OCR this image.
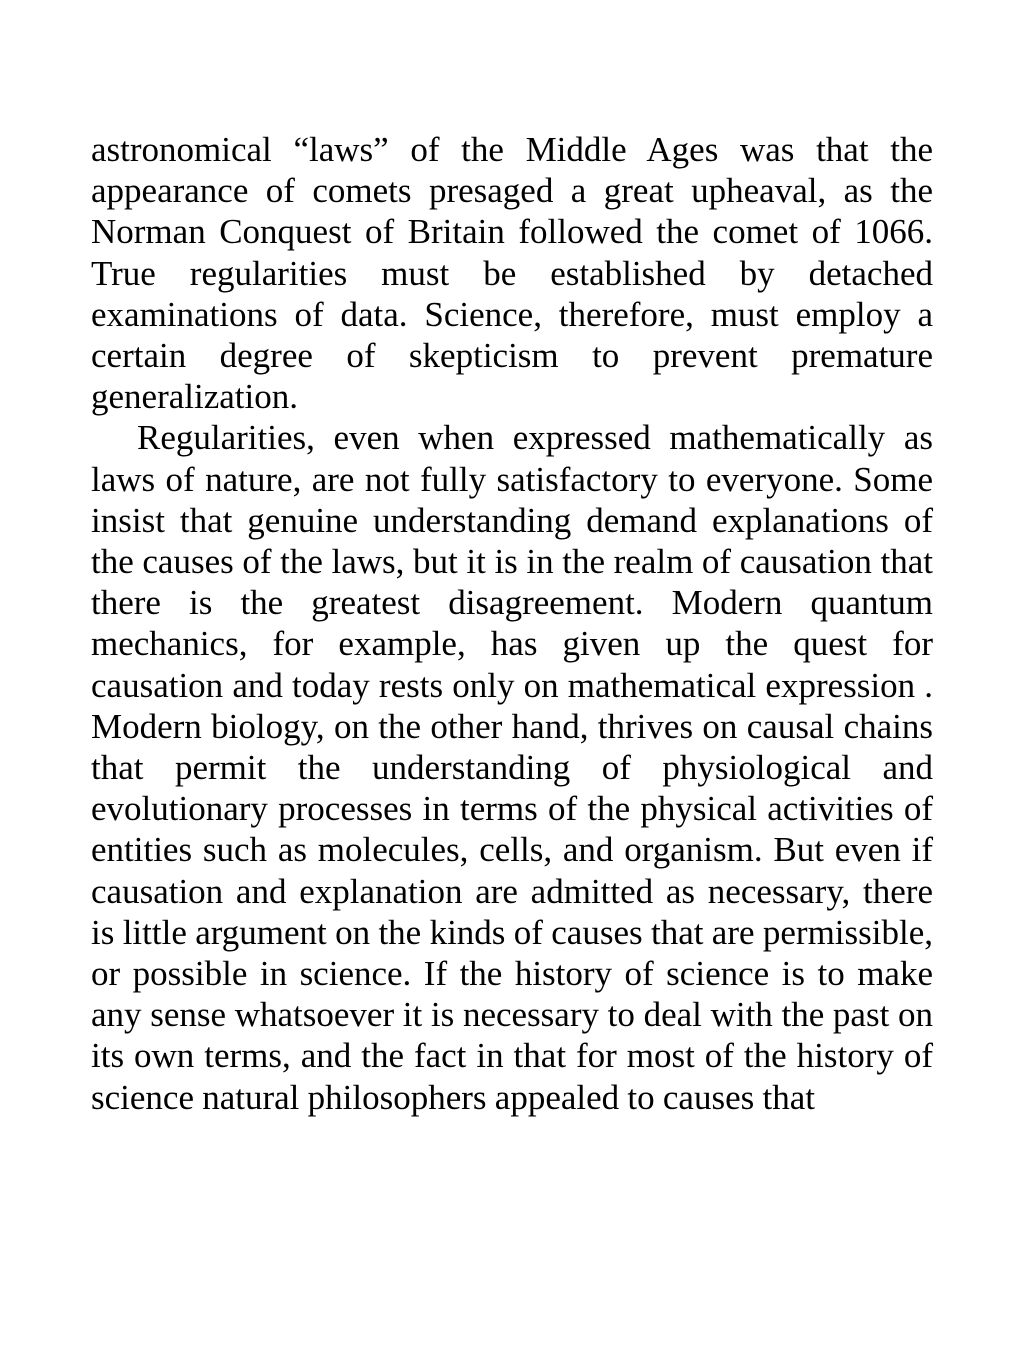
astronomical “laws” of the Middle Ages was that the appearance of comets presaged a great upheaval, as the Norman Conquest of Britain followed the comet of 1066. True regularities must be established by detached examinations of data. Science, therefore, must employ a certain degree of skepticism to prevent premature generalization.

Regularities, even when expressed mathematically as laws of nature, are not fully satisfactory to everyone. Some insist that genuine understanding demand explanations of the causes of the laws, but it is in the realm of causation that there is the greatest disagreement. Modern quantum mechanics, for example, has given up the quest for causation and today rests only on mathematical expression . Modern biology, on the other hand, thrives on causal chains that permit the understanding of physiological and evolutionary processes in terms of the physical activities of entities such as molecules, cells, and organism. But even if causation and explanation are admitted as necessary, there is little argument on the kinds of causes that are permissible, or possible in science. If the history of science is to make any sense whatsoever it is necessary to deal with the past on its own terms, and the fact in that for most of the history of science natural philosophers appealed to causes that
